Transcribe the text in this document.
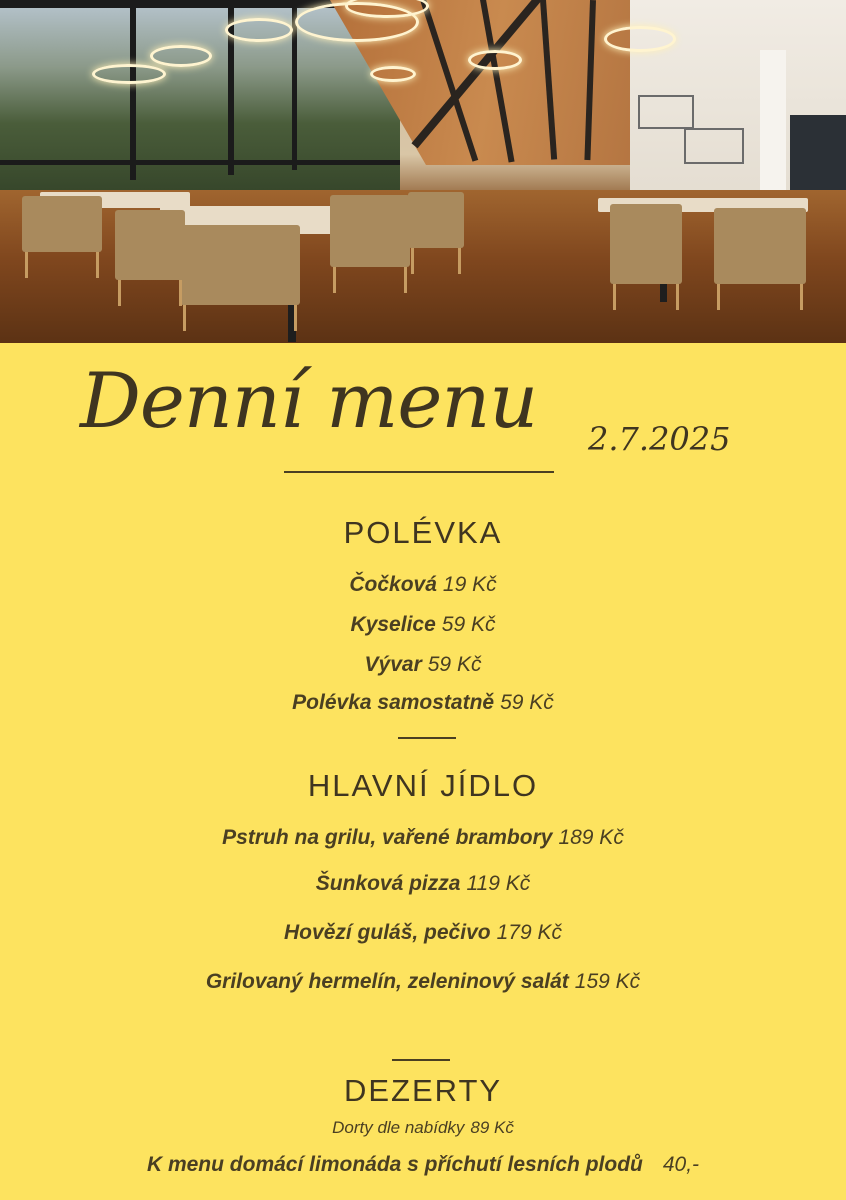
Denní menu	2.7.2025
POLÉVKA
Čočková 19 Kč
Kyselice 59 Kč
Vývar 59 Kč
Polévka samostatně 59 Kč
HLAVNÍ JÍDLO
Pstruh na grilu, vařené brambory 189 Kč
Šunková pizza 119 Kč
Hovězí guláš, pečivo 179 Kč
Grilovaný hermelín, zeleninový salát 159 Kč
DEZERTY
Dorty dle nabídky 89 Kč
K menu domácí limonáda s příchutí lesních plodů 40,-
